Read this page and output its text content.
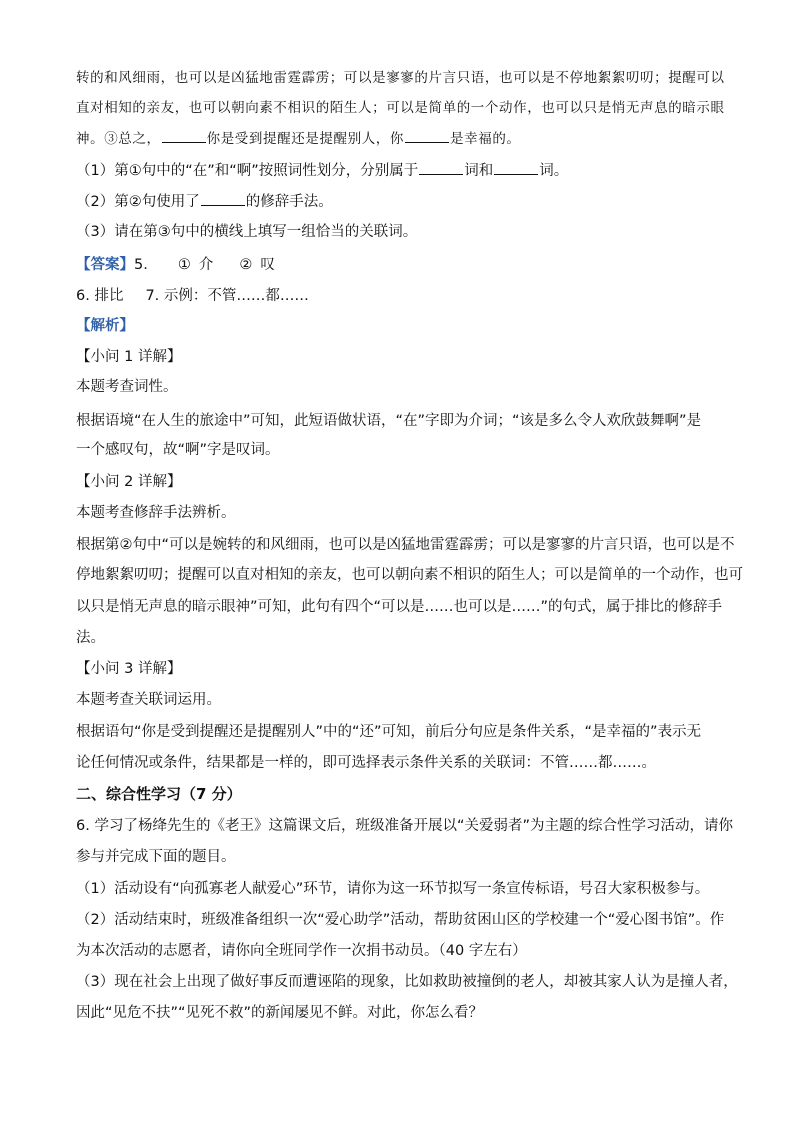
转的和风细雨，也可以是凶猛地雷霆霹雳；可以是寥寥的片言只语，也可以是不停地絮絮叨叨；提醒可以
直对相知的亲友，也可以朝向素不相识的陌生人；可以是简单的一个动作，也可以只是悄无声息的暗示眼
神。③总之，	你是受到提醒还是提醒别人，你	是幸福的。
（1）第①句中的“在”和“啊”按照词性划分，分别属于	词和	词。
（2）第②句使用了	的修辞手法。
（3）请在第③句中的横线上填写一组恰当的关联词。
【答案】5. ① 介 ② 叹
6. 排比 7. 示例：不管……都……
【解析】
【小问 1 详解】
本题考查词性。
根据语境“在人生的旅途中”可知，此短语做状语，“在”字即为介词；“该是多么令人欢欣鼓舞啊”是
一个感叹句，故“啊”字是叹词。
【小问 2 详解】
本题考查修辞手法辨析。
根据第②句中“可以是婉转的和风细雨，也可以是凶猛地雷霆霹雳；可以是寥寥的片言只语，也可以是不
停地絮絮叨叨；提醒可以直对相知的亲友，也可以朝向素不相识的陌生人；可以是简单的一个动作，也可
以只是悄无声息的暗示眼神”可知，此句有四个“可以是……也可以是……”的句式，属于排比的修辞手
法。
【小问 3 详解】
本题考查关联词运用。
根据语句“你是受到提醒还是提醒别人”中的“还”可知，前后分句应是条件关系，“是幸福的”表示无
论任何情况或条件，结果都是一样的，即可选择表示条件关系的关联词：不管……都……。
二、综合性学习（7 分）
6. 学习了杨绛先生的《老王》这篇课文后，班级准备开展以“关爱弱者”为主题的综合性学习活动，请你
参与并完成下面的题目。
（1）活动设有“向孤寡老人献爱心”环节，请你为这一环节拟写一条宣传标语，号召大家积极参与。
（2）活动结束时，班级准备组织一次“爱心助学”活动，帮助贫困山区的学校建一个“爱心图书馆”。作
为本次活动的志愿者，请你向全班同学作一次捐书动员。（40 字左右）
（3）现在社会上出现了做好事反而遭诬陷的现象，比如救助被撞倒的老人，却被其家人认为是撞人者，
因此“见危不扶”“见死不救”的新闻屡见不鲜。对此，你怎么看？
